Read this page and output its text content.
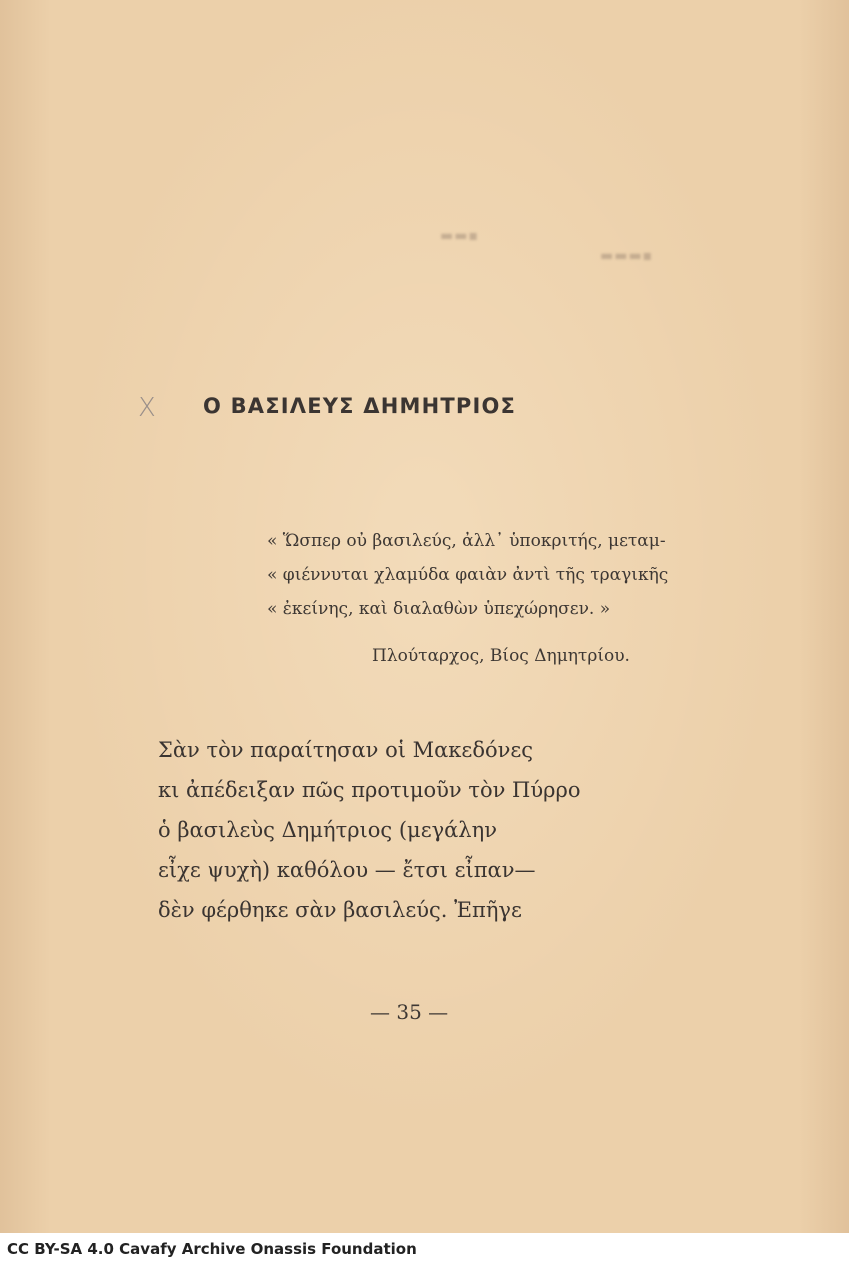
▬▬▪
▬▬▬▪
X Ο ΒΑΣΙΛΕΥΣ ΔΗΜΗΤΡΙΟΣ
« Ὥσπερ οὐ βασιλεύς, ἀλλ᾽ ὑποκριτής, μεταμ-
« φιέννυται χλαμύδα φαιὰν ἀντὶ τῆς τραγικῆς
« ἐκείνης, καὶ διαλαθὼν ὑπεχώρησεν. »
Πλούταρχος, Βίος Δημητρίου.
Σὰν τὸν παραίτησαν οἱ Μακεδόνες
κι ἀπέδειξαν πῶς προτιμοῦν τὸν Πύρρο
ὁ βασιλεὺς Δημήτριος (μεγάλην
εἶχε ψυχὴ) καθόλου — ἔτσι εἶπαν—
δὲν φέρθηκε σὰν βασιλεύς. Ἐπῆγε
— 35 —
CC BY-SA 4.0 Cavafy Archive Onassis Foundation
